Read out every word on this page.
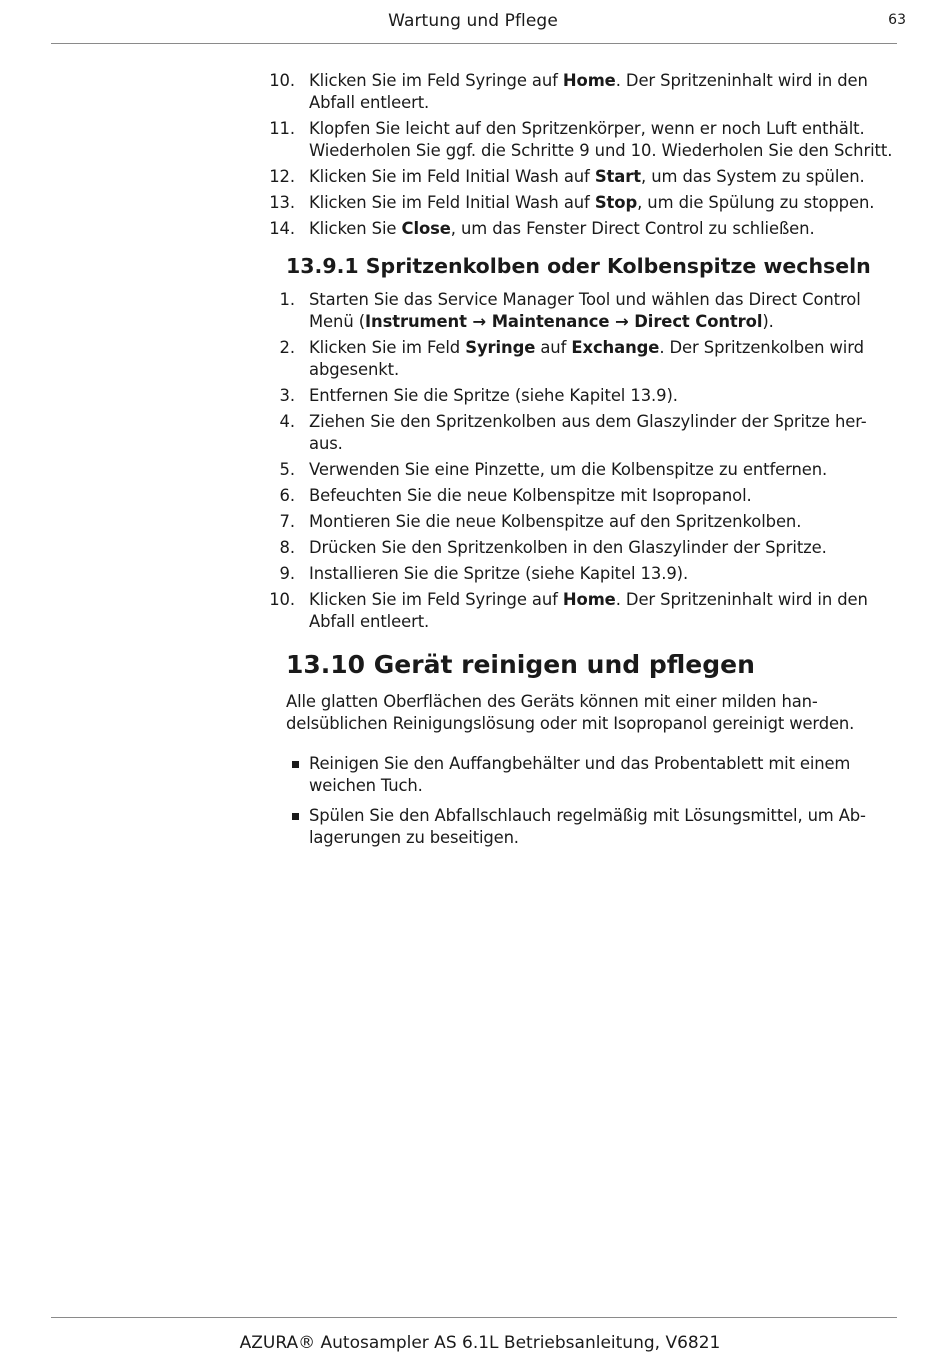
Wartung und Pflege	63
10. Klicken Sie im Feld Syringe auf Home. Der Spritzeninhalt wird in den Abfall entleert.
11. Klopfen Sie leicht auf den Spritzenkörper, wenn er noch Luft enthält. Wiederholen Sie ggf. die Schritte 9 und 10. Wiederholen Sie den Schritt.
12. Klicken Sie im Feld Initial Wash auf Start, um das System zu spülen.
13. Klicken Sie im Feld Initial Wash auf Stop, um die Spülung zu stoppen.
14. Klicken Sie Close, um das Fenster Direct Control zu schließen.
13.9.1 Spritzenkolben oder Kolbenspitze wechseln
1. Starten Sie das Service Manager Tool und wählen das Direct Control Menü (Instrument → Maintenance → Direct Control).
2. Klicken Sie im Feld Syringe auf Exchange. Der Spritzenkolben wird abgesenkt.
3. Entfernen Sie die Spritze (siehe Kapitel 13.9).
4. Ziehen Sie den Spritzenkolben aus dem Glaszylinder der Spritze her-aus.
5. Verwenden Sie eine Pinzette, um die Kolbenspitze zu entfernen.
6. Befeuchten Sie die neue Kolbenspitze mit Isopropanol.
7. Montieren Sie die neue Kolbenspitze auf den Spritzenkolben.
8. Drücken Sie den Spritzenkolben in den Glaszylinder der Spritze.
9. Installieren Sie die Spritze (siehe Kapitel 13.9).
10. Klicken Sie im Feld Syringe auf Home. Der Spritzeninhalt wird in den Abfall entleert.
13.10 Gerät reinigen und pflegen
Alle glatten Oberflächen des Geräts können mit einer milden han-delsüblichen Reinigungslösung oder mit Isopropanol gereinigt werden.
Reinigen Sie den Auffangbehälter und das Probentablett mit einem weichen Tuch.
Spülen Sie den Abfallschlauch regelmäßig mit Lösungsmittel, um Ab-lagerungen zu beseitigen.
AZURA® Autosampler AS 6.1L Betriebsanleitung, V6821
